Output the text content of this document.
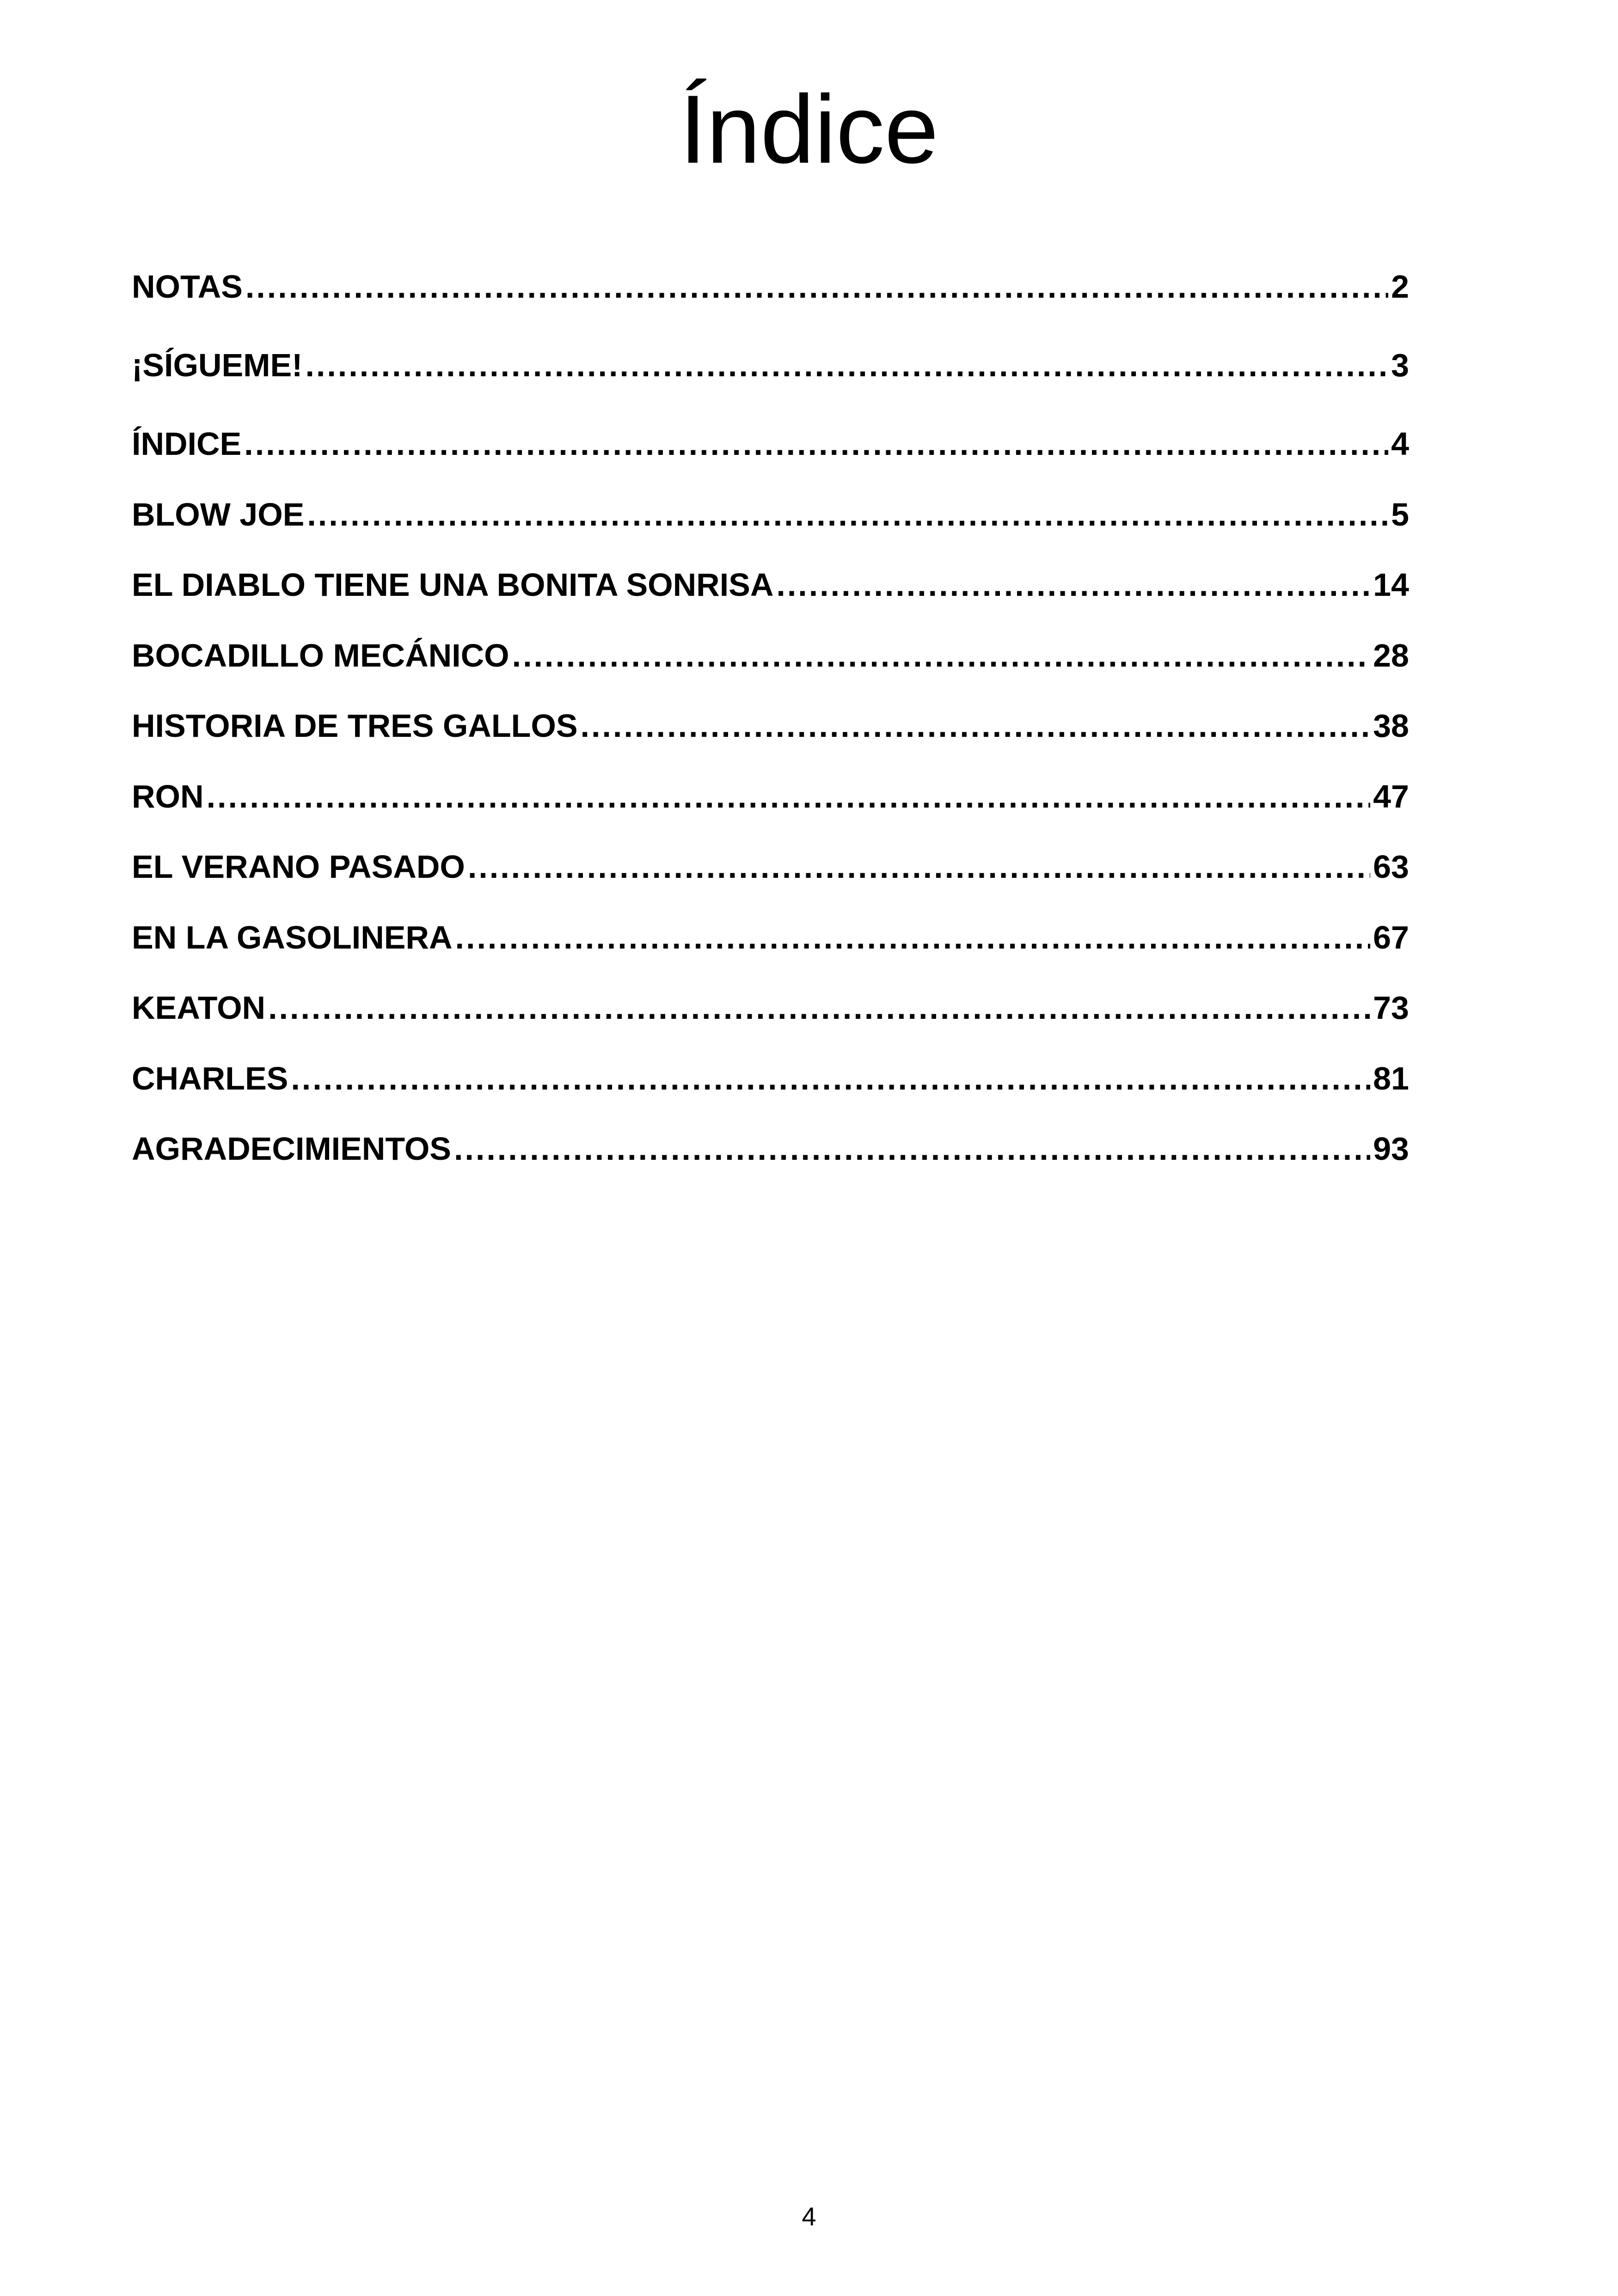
Índice
NOTAS .....	2
¡SÍGUEME! .....	3
ÍNDICE .....	4
BLOW JOE .....	5
EL DIABLO TIENE UNA BONITA SONRISA .....	14
BOCADILLO MECÁNICO .....	28
HISTORIA DE TRES GALLOS .....	38
RON .....	47
EL VERANO PASADO .....	63
EN LA GASOLINERA .....	67
KEATON .....	73
CHARLES .....	81
AGRADECIMIENTOS .....	93
4
